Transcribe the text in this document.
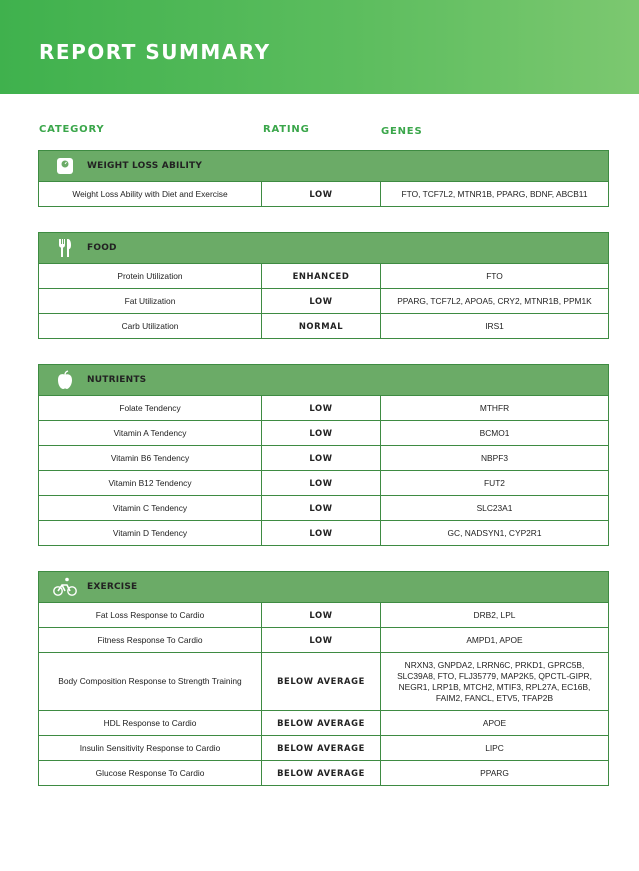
REPORT SUMMARY
CATEGORY	RATING	GENES
WEIGHT LOSS ABILITY

Weight Loss Ability with Diet and Exercise	LOW	FTO, TCF7L2, MTNR1B, PPARG, BDNF, ABCB11
FOOD		

Protein Utilization	ENHANCED	FTO
Fat Utilization	LOW	PPARG, TCF7L2, APOA5, CRY2, MTNR1B, PPM1K
Carb Utilization	NORMAL	IRS1
NUTRIENTS		

Folate Tendency	LOW	MTHFR
Vitamin A Tendency	LOW	BCMO1
Vitamin B6 Tendency	LOW	NBPF3
Vitamin B12 Tendency	LOW	FUT2
Vitamin C Tendency	LOW	SLC23A1
Vitamin D Tendency	LOW	GC, NADSYN1, CYP2R1
EXERCISE		

Fat Loss Response to Cardio	LOW	DRB2, LPL
Fitness Response To Cardio	LOW	AMPD1, APOE
Body Composition Response to Strength Training	BELOW AVERAGE	NRXN3, GNPDA2, LRRN6C, PRKD1, GPRC5B, SLC39A8, FTO, FLJ35779, MAP2K5, QPCTL-GIPR, NEGR1, LRP1B, MTCH2, MTIF3, RPL27A, EC16B, FAIM2, FANCL, ETV5, TFAP2B
HDL Response to Cardio	BELOW AVERAGE	APOE
Insulin Sensitivity Response to Cardio	BELOW AVERAGE	LIPC
Glucose Response To Cardio	BELOW AVERAGE	PPARG
